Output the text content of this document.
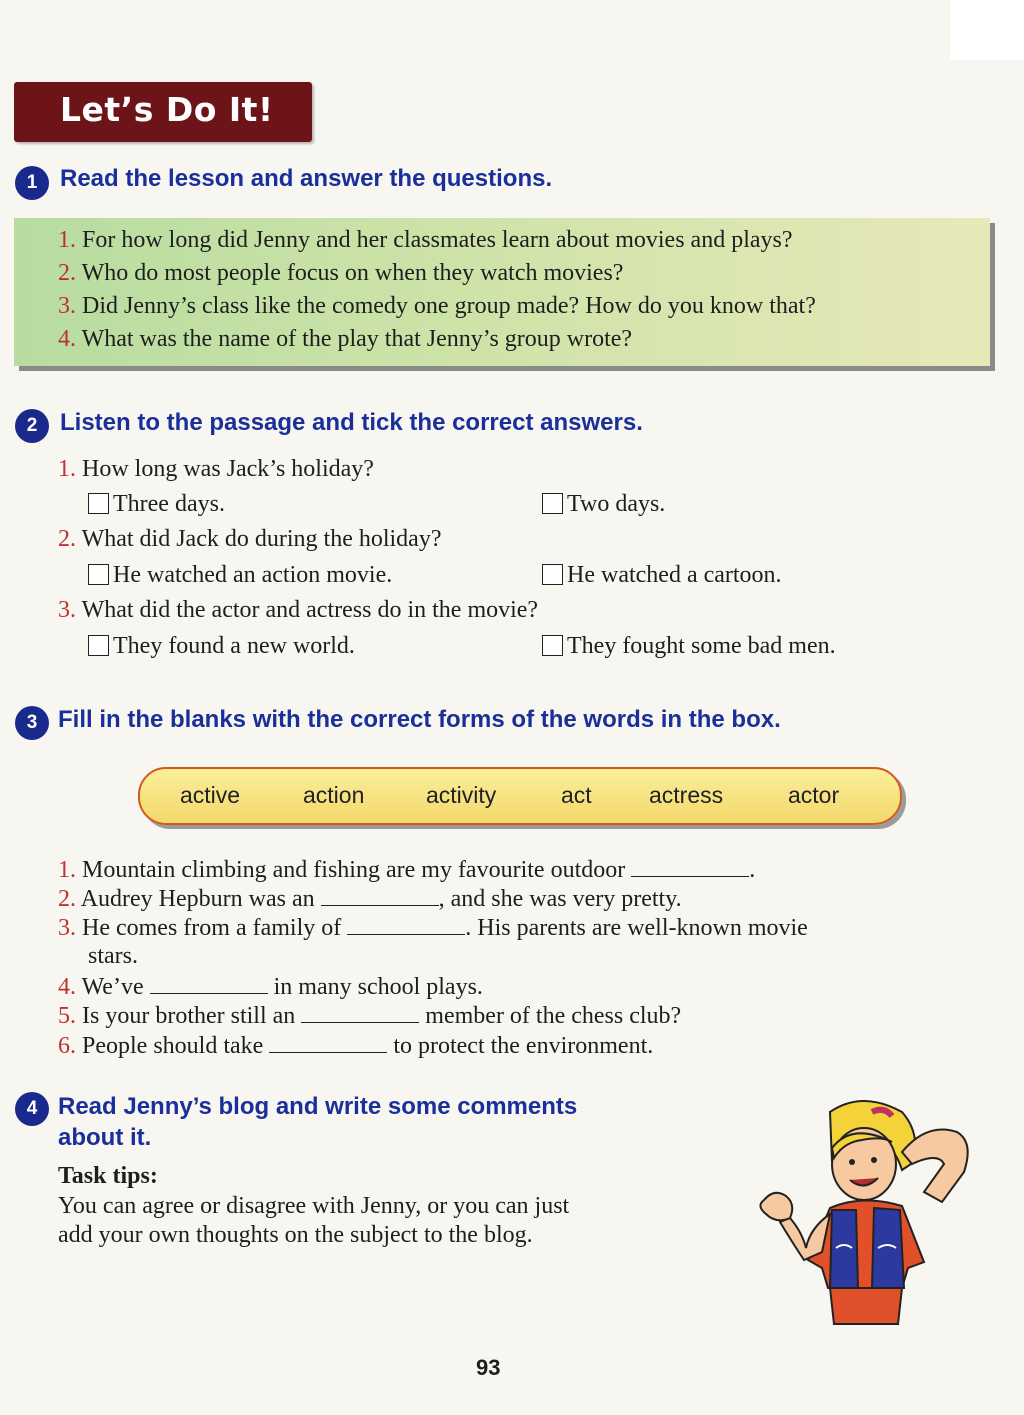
Let’s Do It!
1 Read the lesson and answer the questions.
1. For how long did Jenny and her classmates learn about movies and plays?
2. Who do most people focus on when they watch movies?
3. Did Jenny’s class like the comedy one group made? How do you know that?
4. What was the name of the play that Jenny’s group wrote?
2 Listen to the passage and tick the correct answers.
1. How long was Jack’s holiday?
Three days.	Two days.
2. What did Jack do during the holiday?
He watched an action movie.	He watched a cartoon.
3. What did the actor and actress do in the movie?
They found a new world.	They fought some bad men.
3 Fill in the blanks with the correct forms of the words in the box.
active	action	activity	act actress	actor
1. Mountain climbing and fishing are my favourite outdoor	.
2. Audrey Hepburn was an	, and she was very pretty.
3. He comes from a family of	. His parents are well-known movie
stars.
4. We’ve	in many school plays.
5. Is your brother still an	member of the chess club?
6. People should take	to protect the environment.
4 Read Jenny’s blog and write some comments
about it.
Task tips:
You can agree or disagree with Jenny, or you can just
add your own thoughts on the subject to the blog.
93
